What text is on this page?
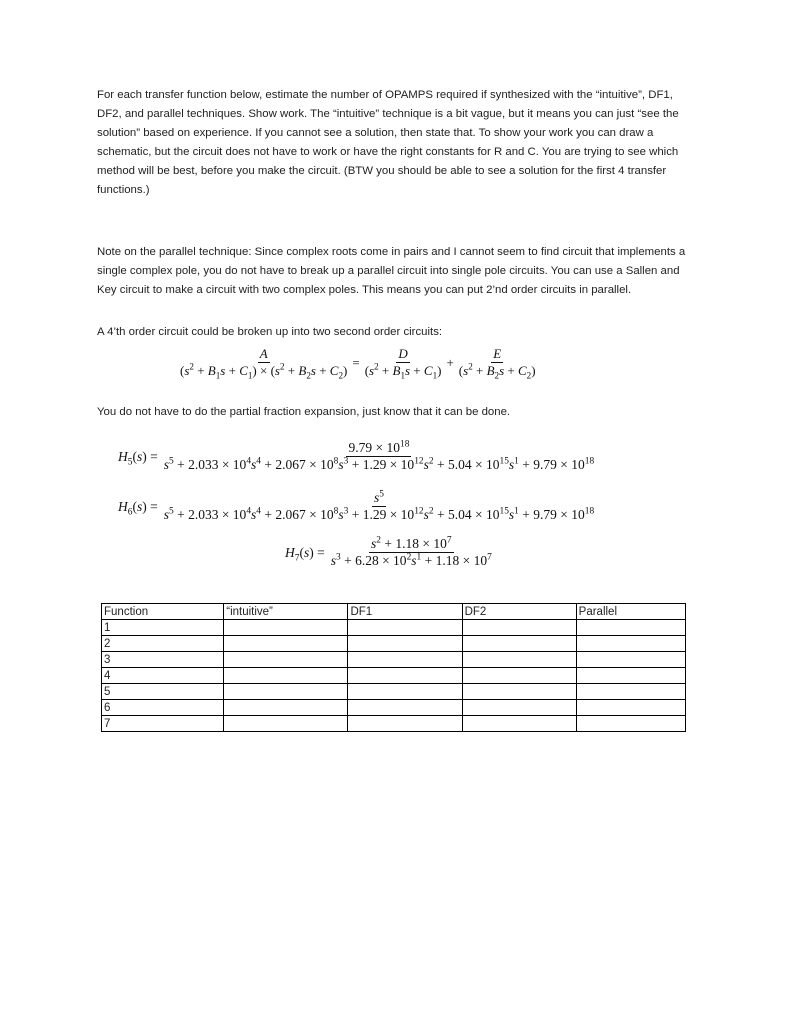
For each transfer function below, estimate the number of OPAMPS required if synthesized with the “intuitive”, DF1, DF2, and parallel techniques. Show work. The “intuitive” technique is a bit vague, but it means you can just “see the solution” based on experience. If you cannot see a solution, then state that. To show your work you can draw a schematic, but the circuit does not have to work or have the right constants for R and C. You are trying to see which method will be best, before you make the circuit. (BTW you should be able to see a solution for the first 4 transfer functions.)

Note on the parallel technique: Since complex roots come in pairs and I cannot seem to find circuit that implements a single complex pole, you do not have to break up a parallel circuit into single pole circuits. You can use a Sallen and Key circuit to make a circuit with two complex poles. This means you can put 2’nd order circuits in parallel.

A 4’th order circuit could be broken up into two second order circuits:

$\frac{A}{(s^2 + B_1s + C_1) \times (s^2 + B_2s + C_2)} = \frac{D}{(s^2 + B_1s + C_1)} + \frac{E}{(s^2 + B_2s + C_2)}$

You do not have to do the partial fraction expansion, just know that it can be done.

$H_5(s)$ =
$9.79 \times 10^{18}$
$s^5 + 2.033 \times 10^4s^4 + 2.067 \times 10^8s^3 + 1.29 \times 10^{12}s^2 + 5.04 \times 10^{15}s^1 + 9.79 \times 10^{18}$
$H_6(s)$ =
$s^5$
$s^5 + 2.033 \times 10^4s^4 + 2.067 \times 10^8s^3 + 1.29 \times 10^{12}s^2 + 5.04 \times 10^{15}s^1 + 9.79 \times 10^{18}$
$H_7(s) = \frac{s^2 + 1.18 \times 10^7}{s^3 + 6.28 \times 10^2s^1 + 1.18 \times 10^7}$
Function	“intuitive”	DF1	DF2	Parallel
1				
2				
3				
4				
5				
6				
7				
